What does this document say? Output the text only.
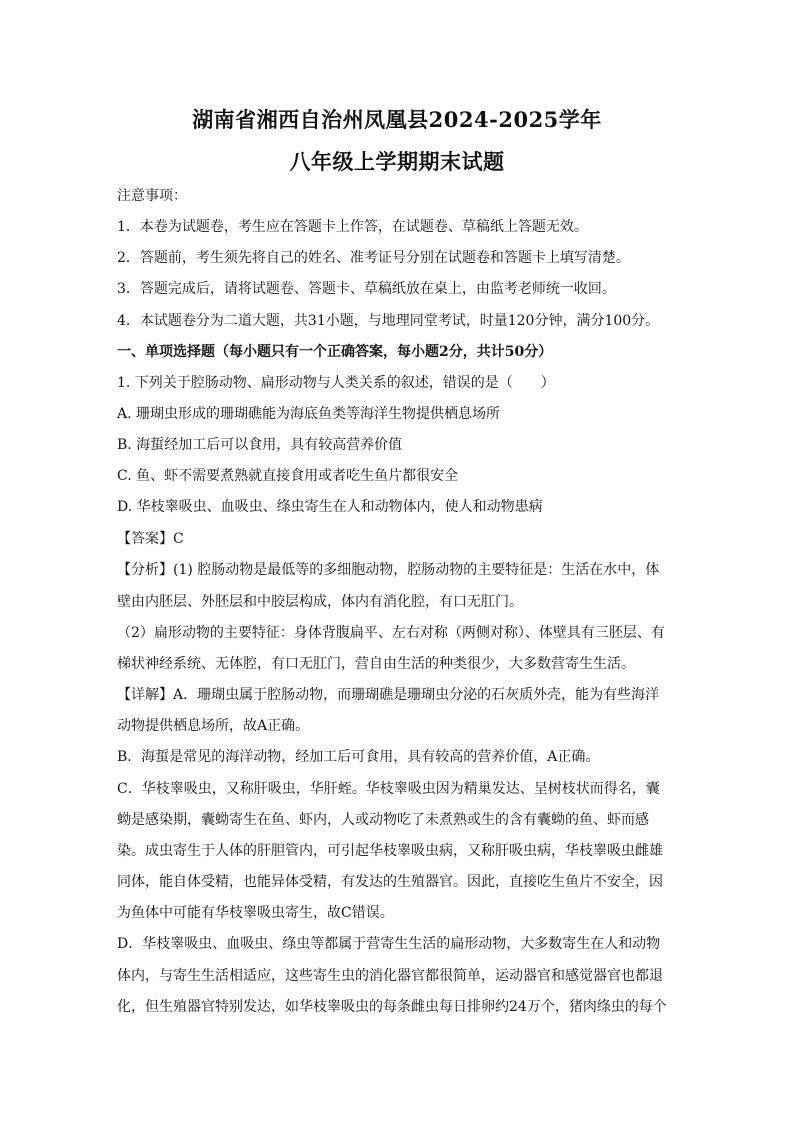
湖南省湘西自治州凤凰县2024-2025学年
八年级上学期期末试题

注意事项：

1．本卷为试题卷，考生应在答题卡上作答，在试题卷、草稿纸上答题无效。

2．答题前，考生须先将自己的姓名、准考证号分别在试题卷和答题卡上填写清楚。

3．答题完成后，请将试题卷、答题卡、草稿纸放在桌上，由监考老师统一收回。

4．本试题卷分为二道大题，共31小题，与地理同堂考试，时量120分钟，满分100分。

一、单项选择题（每小题只有一个正确答案，每小题2分，共计50分）

1. 下列关于腔肠动物、扁形动物与人类关系的叙述，错误的是（　　）

A. 珊瑚虫形成的珊瑚礁能为海底鱼类等海洋生物提供栖息场所

B. 海蜇经加工后可以食用，具有较高营养价值

C. 鱼、虾不需要煮熟就直接食用或者吃生鱼片都很安全

D. 华枝睾吸虫、血吸虫、绦虫寄生在人和动物体内，使人和动物患病

【答案】C

【分析】(1) 腔肠动物是最低等的多细胞动物，腔肠动物的主要特征是：生活在水中，体

壁由内胚层、外胚层和中胶层构成，体内有消化腔，有口无肛门。

（2）扁形动物的主要特征：身体背腹扁平、左右对称（两侧对称）、体壁具有三胚层、有

梯状神经系统、无体腔，有口无肛门，营自由生活的种类很少，大多数营寄生生活。

【详解】A．珊瑚虫属于腔肠动物，而珊瑚礁是珊瑚虫分泌的石灰质外壳，能为有些海洋

动物提供栖息场所，故A正确。

B．海蜇是常见的海洋动物，经加工后可食用，具有较高的营养价值，A正确。

C．华枝睾吸虫，又称肝吸虫，华肝蛭。华枝睾吸虫因为精巢发达、呈树枝状而得名，囊

蚴是感染期，囊蚴寄生在鱼、虾内，人或动物吃了未煮熟或生的含有囊蚴的鱼、虾而感

染。成虫寄生于人体的肝胆管内，可引起华枝睾吸虫病，又称肝吸虫病，华枝睾吸虫雌雄

同体，能自体受精，也能异体受精，有发达的生殖器官。因此，直接吃生鱼片不安全，因

为鱼体中可能有华枝睾吸虫寄生，故C错误。

D．华枝睾吸虫、血吸虫、绦虫等都属于营寄生生活的扁形动物，大多数寄生在人和动物

体内，与寄生生活相适应，这些寄生虫的消化器官都很简单，运动器官和感觉器官也都退

化，但生殖器官特别发达，如华枝睾吸虫的每条雌虫每日排卵约24万个，猪肉绦虫的每个
